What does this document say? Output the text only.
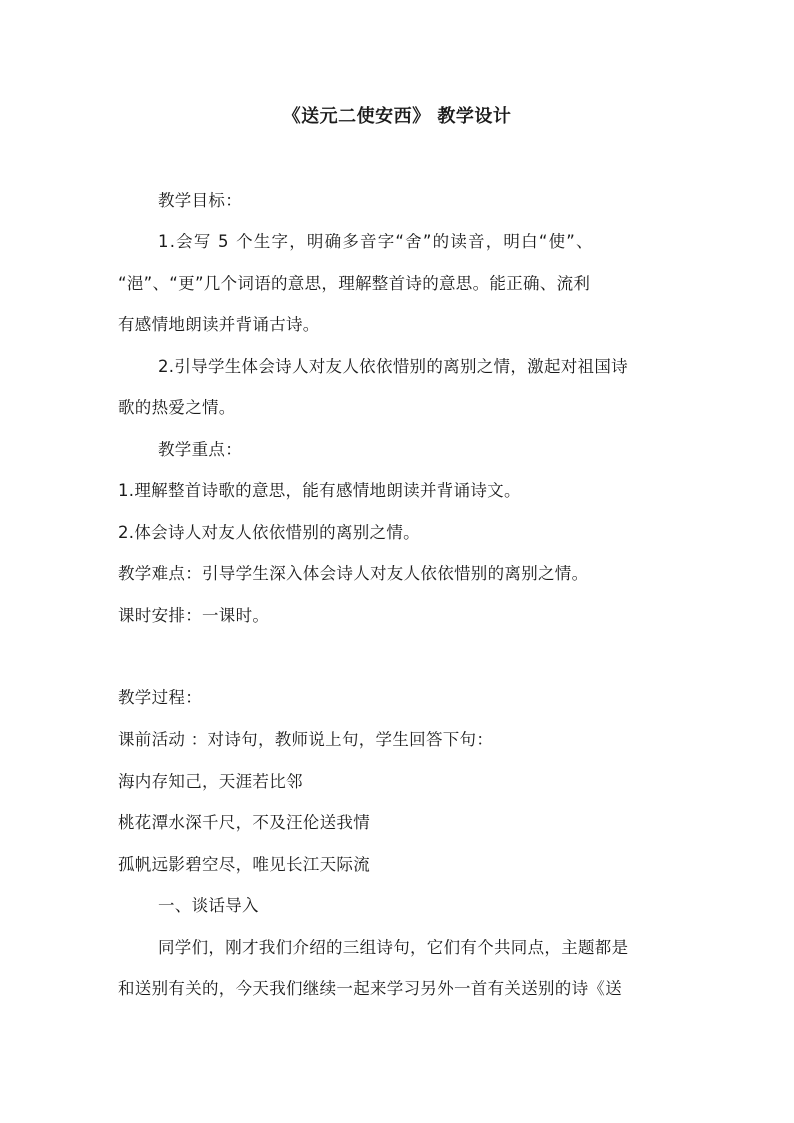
《送元二使安西》 教学设计
教学目标：
1.会写 5 个生字，明确多音字“舍”的读音，明白“使”、
“浥”、“更”几个词语的意思，理解整首诗的意思。能正确、流利
有感情地朗读并背诵古诗。
2.引导学生体会诗人对友人依依惜别的离别之情，激起对祖国诗
歌的热爱之情。
教学重点：
1.理解整首诗歌的意思，能有感情地朗读并背诵诗文。
2.体会诗人对友人依依惜别的离别之情。
教学难点：引导学生深入体会诗人对友人依依惜别的离别之情。
课时安排：一课时。
教学过程：
课前活动 ：对诗句，教师说上句，学生回答下句：
海内存知己，天涯若比邻
桃花潭水深千尺，不及汪伦送我情
孤帆远影碧空尽，唯见长江天际流
一、谈话导入
同学们，刚才我们介绍的三组诗句，它们有个共同点，主题都是
和送别有关的，今天我们继续一起来学习另外一首有关送别的诗《送
